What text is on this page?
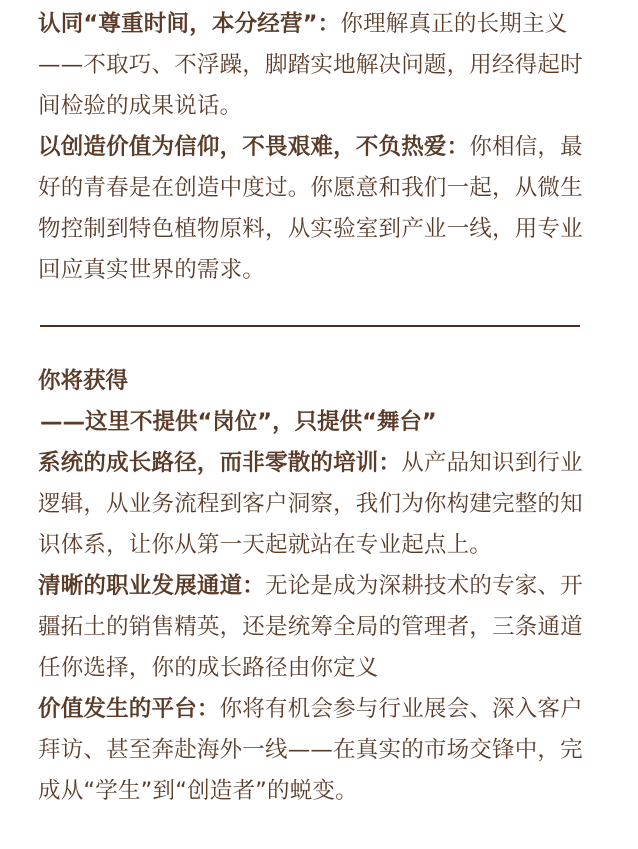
认同“尊重时间，本分经营”：你理解真正的长期主义——不取巧、不浮躁，脚踏实地解决问题，用经得起时间检验的成果说话。

以创造价值为信仰，不畏艰难，不负热爱：你相信，最好的青春是在创造中度过。你愿意和我们一起，从微生物控制到特色植物原料，从实验室到产业一线，用专业回应真实世界的需求。

你将获得

——这里不提供“岗位”，只提供“舞台”

系统的成长路径，而非零散的培训：从产品知识到行业逻辑，从业务流程到客户洞察，我们为你构建完整的知识体系，让你从第一天起就站在专业起点上。

清晰的职业发展通道：无论是成为深耕技术的专家、开疆拓土的销售精英，还是统筹全局的管理者，三条通道任你选择，你的成长路径由你定义

价值发生的平台：你将有机会参与行业展会、深入客户拜访、甚至奔赴海外一线——在真实的市场交锋中，完成从“学生”到“创造者”的蜕变。
